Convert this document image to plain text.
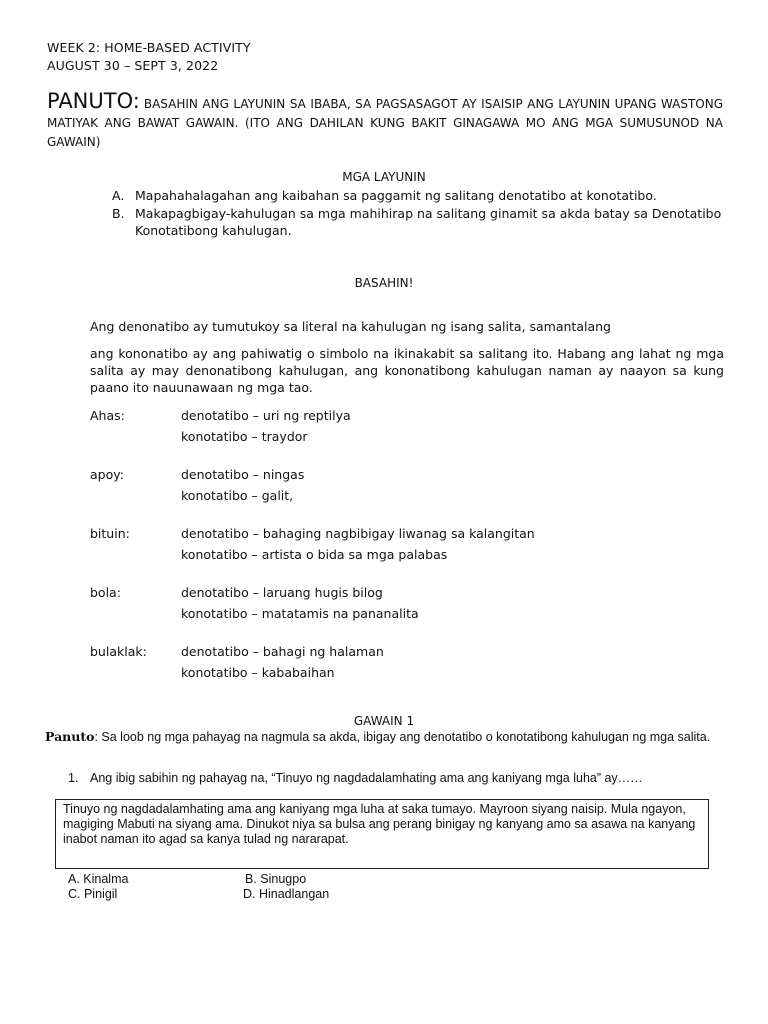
WEEK 2: HOME-BASED ACTIVITY
AUGUST 30 – SEPT 3, 2022
PANUTO: BASAHIN ANG LAYUNIN SA IBABA, SA PAGSASAGOT AY ISAISIP ANG LAYUNIN UPANG WASTONG MATIYAK ANG BAWAT GAWAIN. (ITO ANG DAHILAN KUNG BAKIT GINAGAWA MO ANG MGA SUMUSUNOD NA GAWAIN)
MGA LAYUNIN
A. Mapahahalagahan ang kaibahan sa paggamit ng salitang denotatibo at konotatibo.
B. Makapagbigay-kahulugan sa mga mahihirap na salitang ginamit sa akda batay sa Denotatibo Konotatibong kahulugan.
BASAHIN!
Ang denonatibo ay tumutukoy sa literal na kahulugan ng isang salita, samantalang
ang kononatibo ay ang pahiwatig o simbolo na ikinakabit sa salitang ito. Habang ang lahat ng mga salita ay may denonatibong kahulugan, ang kononatibong kahulugan naman ay naayon sa kung paano ito nauunawaan ng mga tao.
Ahas:	denotatibo – uri ng reptilya
konotatibo – traydor
apoy:	denotatibo – ningas
konotatibo – galit,
bituin:	denotatibo – bahaging nagbibigay liwanag sa kalangitan
konotatibo – artista o bida sa mga palabas
bola:	denotatibo – laruang hugis bilog
konotatibo – matatamis na pananalita
bulaklak:	denotatibo – bahagi ng halaman
konotatibo – kababaihan
GAWAIN 1
Panuto: Sa loob ng mga pahayag na nagmula sa akda, ibigay ang denotatibo o konotatibong kahulugan ng mga salita.
1. Ang ibig sabihin ng pahayag na, “Tinuyo ng nagdadalamhating ama ang kaniyang mga luha” ay……
Tinuyo ng nagdadalamhating ama ang kaniyang mga luha at saka tumayo. Mayroon siyang naisip. Mula ngayon, magiging Mabuti na siyang ama. Dinukot niya sa bulsa ang perang binigay ng kanyang amo sa asawa na kanyang inabot naman ito agad sa kanya tulad ng nararapat.
A. Kinalma	B. Sinugpo
C. Pinigil	D. Hinadlangan
